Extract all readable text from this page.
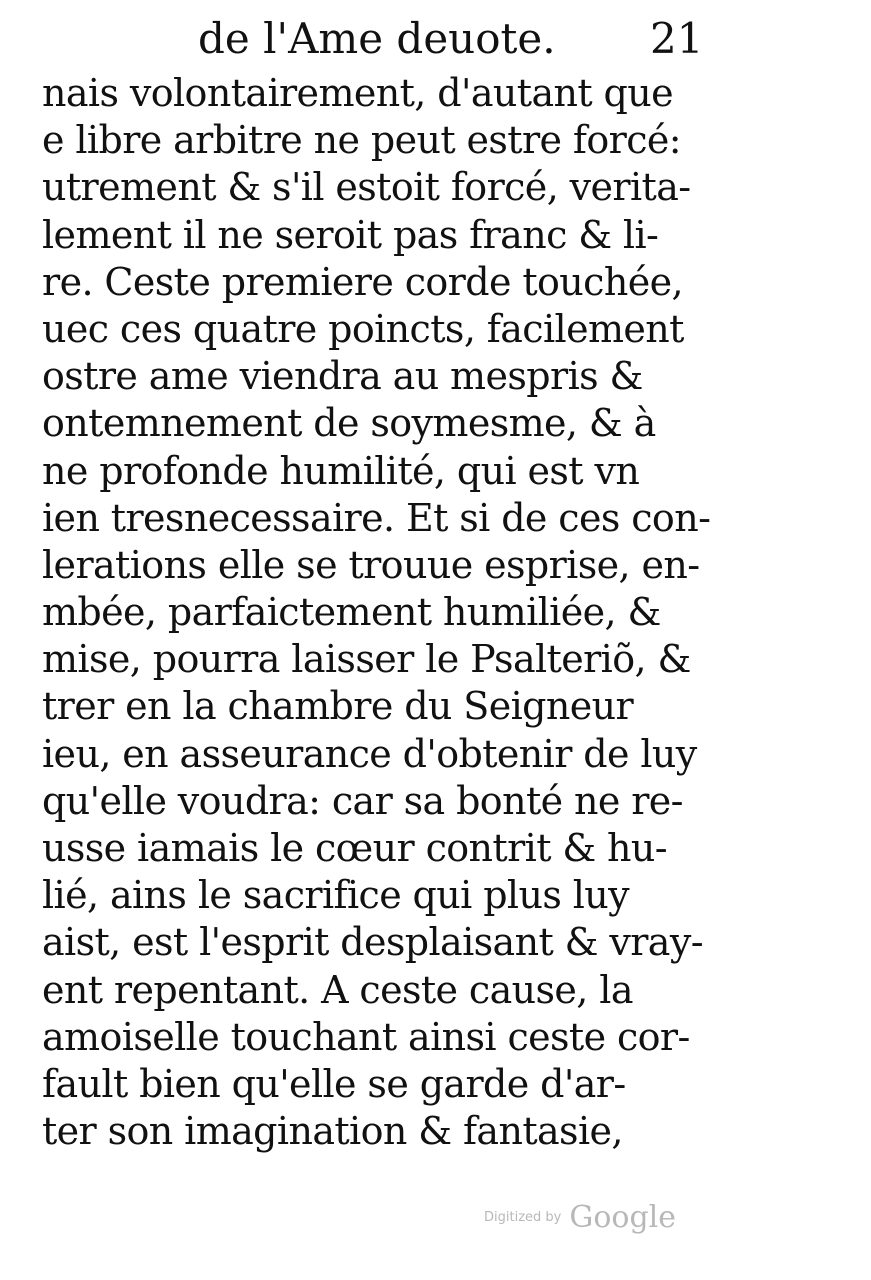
de l'Ame deuote. 21
nais volontairement, d'autant que
e libre arbitre ne peut estre forcé:
utrement & s'il estoit forcé, verita-
lement il ne seroit pas franc & li-
re. Ceste premiere corde touchée,
uec ces quatre poincts, facilement
ostre ame viendra au mespris &
ontemnement de soymesme, & à
ne profonde humilité, qui est vn
ien tresnecessaire. Et si de ces con-
lerations elle se trouue esprise, en-
mbée, parfaictement humiliée, &
mise, pourra laisser le Psalteriõ, &
trer en la chambre du Seigneur
ieu, en asseurance d'obtenir de luy
qu'elle voudra: car sa bonté ne re-
usse iamais le cœur contrit & hu-
lié, ains le sacrifice qui plus luy
aist, est l'esprit desplaisant & vray-
ent repentant. A ceste cause, la
amoiselle touchant ainsi ceste cor-
fault bien qu'elle se garde d'ar-
ter son imagination & fantasie,
Digitized by Google
